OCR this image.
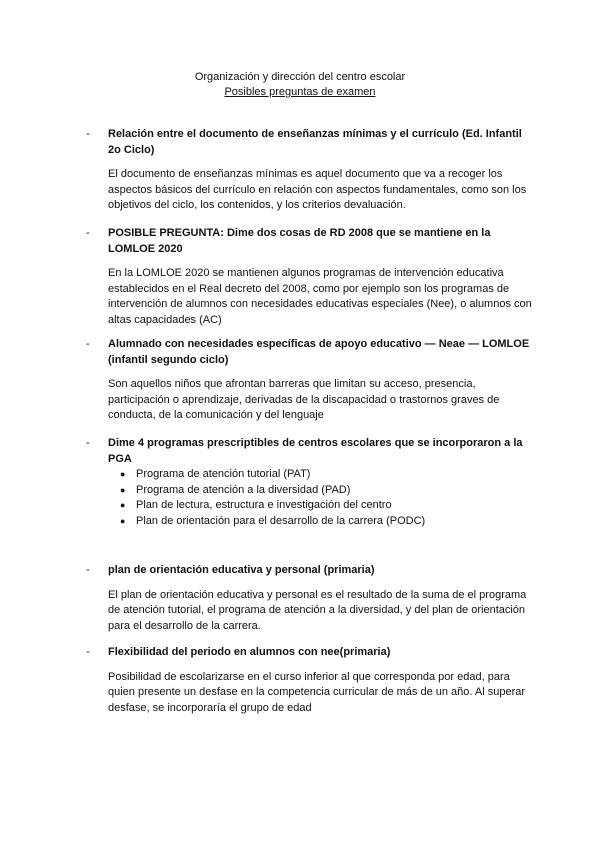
Organización y dirección del centro escolar
Posibles preguntas de examen
- Relación entre el documento de enseñanzas mínimas y el currículo (Ed. Infantil 2o Ciclo)
El documento de enseñanzas mínimas es aquel documento que va a recoger los aspectos básicos del currículo en relación con aspectos fundamentales, como son los objetivos del ciclo, los contenidos, y los criterios devaluación.
- POSIBLE PREGUNTA: Dime dos cosas de RD 2008 que se mantiene en la LOMLOE 2020
En la LOMLOE 2020 se mantienen algunos programas de intervención educativa establecidos en el Real decreto del 2008, como por ejemplo son los programas de intervención de alumnos con necesidades educativas especiales (Nee), o alumnos con altas capacidades (AC)
- Alumnado con necesidades específicas de apoyo educativo — Neae — LOMLOE (infantil segundo ciclo)
Son aquellos niños que afrontan barreras que limitan su acceso, presencia, participación o aprendizaje, derivadas de la discapacidad o trastornos graves de conducta, de la comunicación y del lenguaje
- Dime 4 programas prescriptibles de centros escolares que se incorporaron a la PGA
● Programa de atención tutorial (PAT)
● Programa de atención a la diversidad (PAD)
● Plan de lectura, estructura e investigación del centro
● Plan de orientación para el desarrollo de la carrera (PODC)
- plan de orientación educativa y personal (primaria)
El plan de orientación educativa y personal es el resultado de la suma de el programa de atención tutorial, el programa de atención a la diversidad, y del plan de orientación para el desarrollo de la carrera.
- Flexibilidad del periodo en alumnos con nee(primaria)
Posibilidad de escolarizarse en el curso inferior al que corresponda por edad, para quien presente un desfase en la competencia curricular de más de un año. Al superar desfase, se incorporaría el grupo de edad
